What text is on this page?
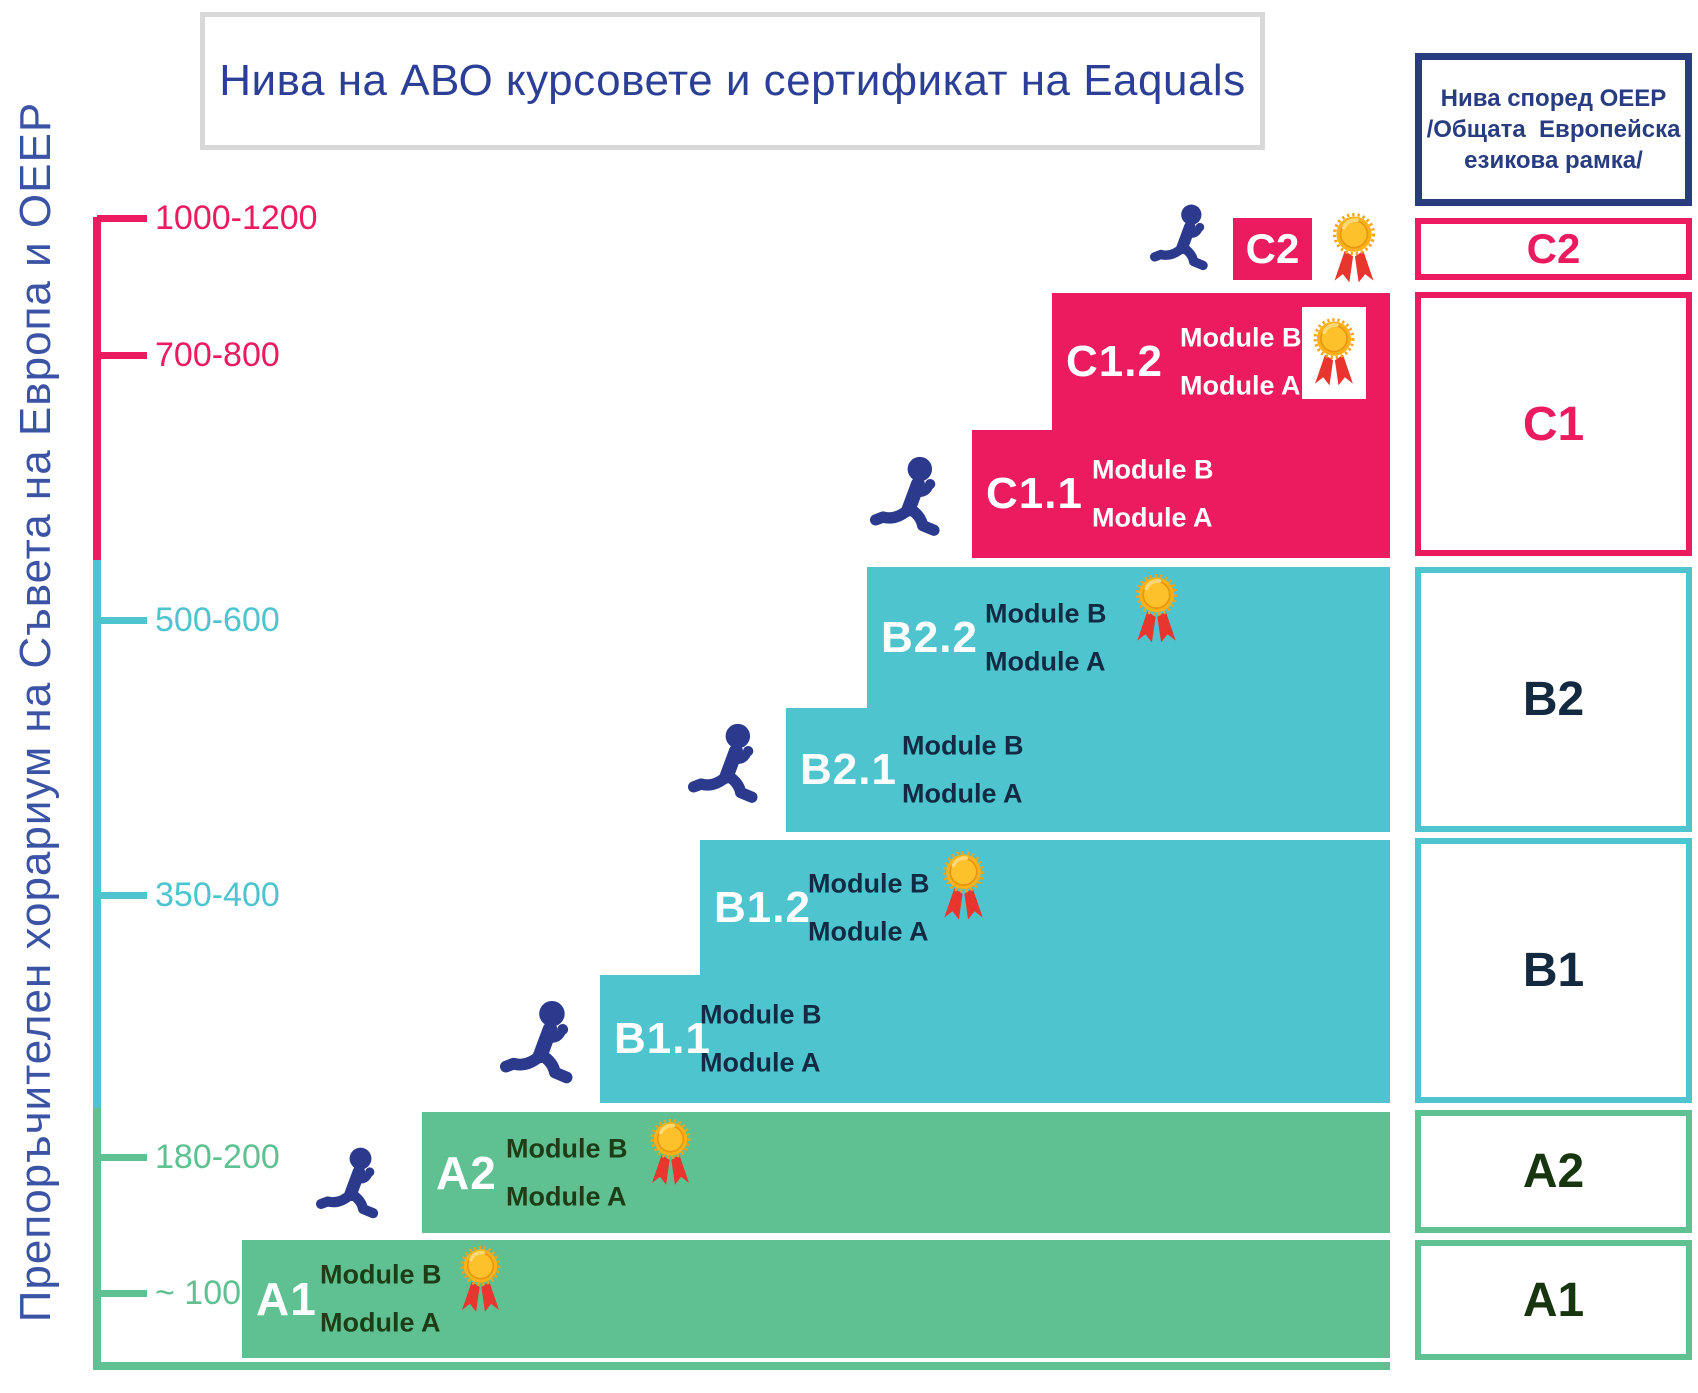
Нива на АВО курсовете и сертификат на Eaquals
Препоръчителен хорариум на Съвета на Европа и ОЕЕР	1000-1200
700-800
500-600
350-400
180-200
~ 100
C2
C1.2 Module B
Module A
C1.1 Module B
Module A
B2.2 Module B
Module A
B2.1 Module B
Module A
B1.2
Module B
Module A
B1.1
Module B
Module A
A2 Module B
Module A
A1 Module B
Module A
Нива според ОЕЕР
/Общата  Европейска
езикова рамка/
C2
C1
B2
B1
A2
A1
